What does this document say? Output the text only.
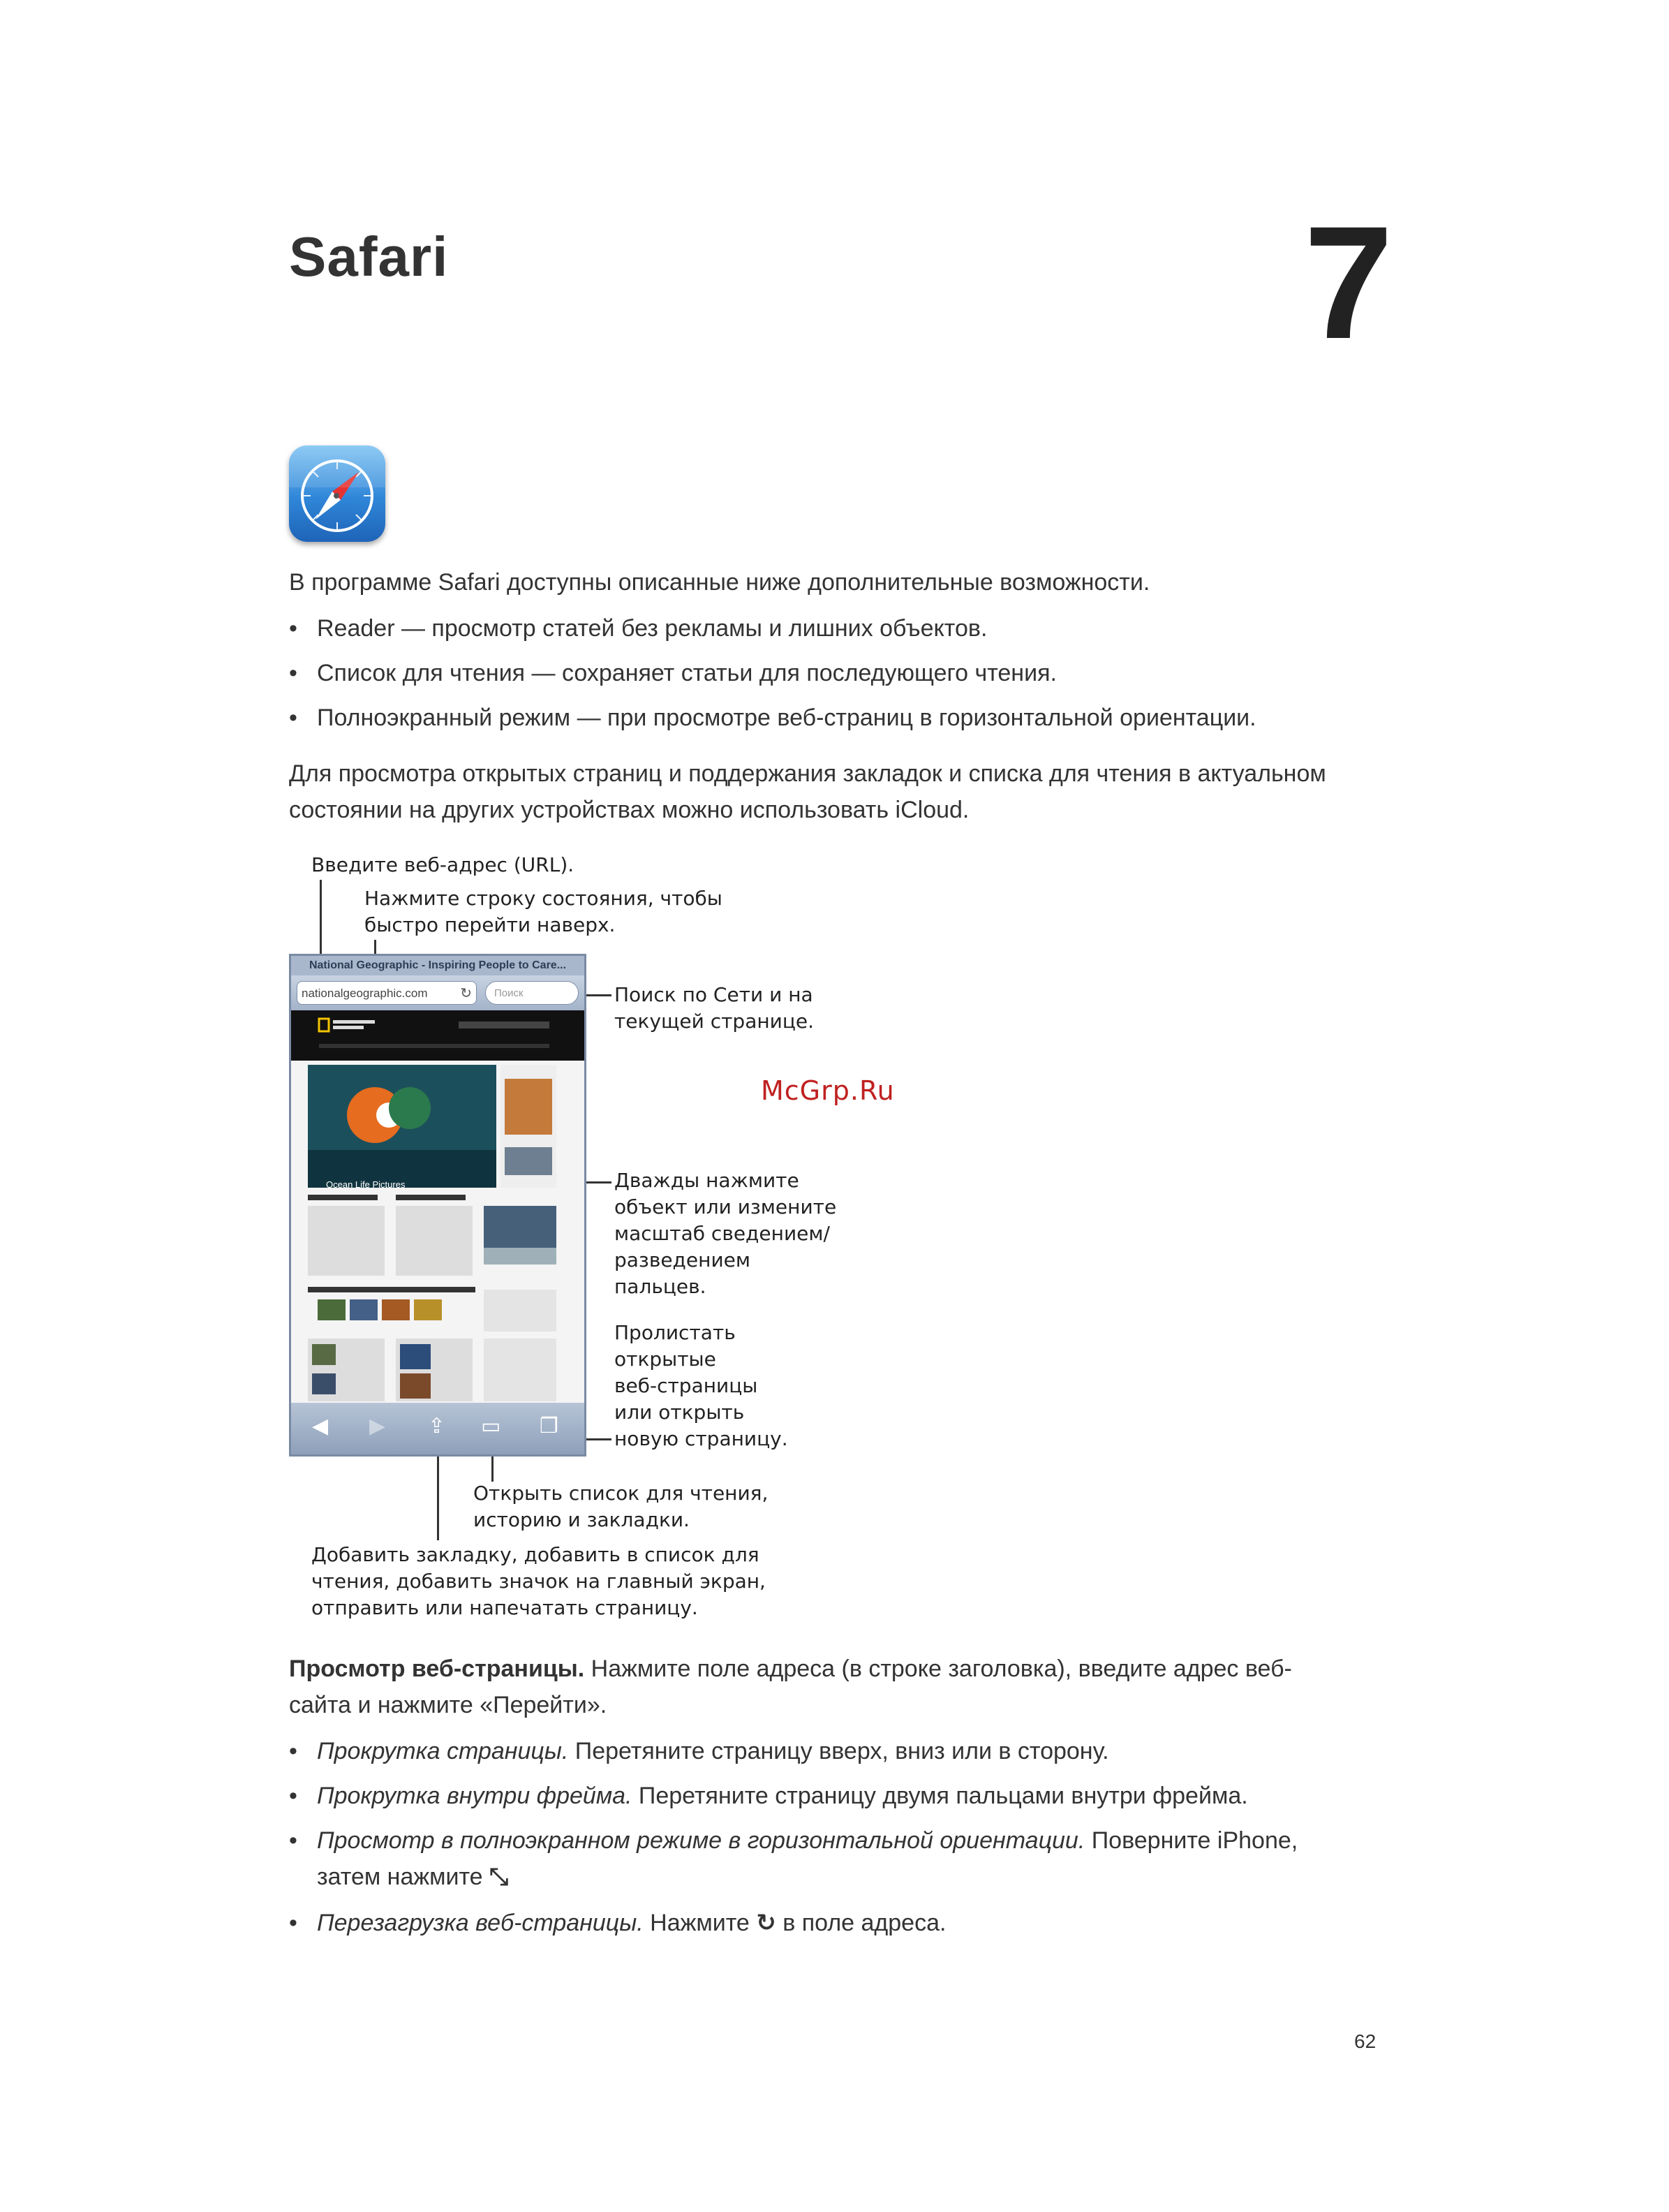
Safari	7
В программе Safari доступны описанные ниже дополнительные возможности.
• Reader — просмотр статей без рекламы и лишних объектов.
• Список для чтения — сохраняет статьи для последующего чтения.
• Полноэкранный режим — при просмотре веб-страниц в горизонтальной ориентации.
Для просмотра открытых страниц и поддержания закладок и списка для чтения в актуальном
состоянии на других устройствах можно использовать iCloud.
Введите веб-адрес (URL).
Нажмите строку состояния, чтобы
быстро перейти наверх.
Поиск по Сети и на
текущей странице.
Дважды нажмите
объект или измените
масштаб сведением/
разведением
пальцев.
Пролистать
открытые
веб-страницы
или открыть
новую страницу.
Открыть список для чтения,
историю и закладки.
Добавить закладку, добавить в список для
чтения, добавить значок на главный экран,
отправить или напечатать страницу.
National Geographic - Inspiring People to Care...
nationalgeographic.com ↻	Поиск
Ocean Life Pictures
◀ ▶ ⇪ ▭ ❐
McGrp.Ru
Просмотр веб-страницы. Нажмите поле адреса (в строке заголовка), введите адрес веб-
сайта и нажмите «Перейти».
• Прокрутка страницы. Перетяните страницу вверх, вниз или в сторону.
• Прокрутка внутри фрейма. Перетяните страницу двумя пальцами внутри фрейма.
• Просмотр в полноэкранном режиме в горизонтальной ориентации. Поверните iPhone,
затем нажмите ⤡
• Перезагрузка веб-страницы. Нажмите ↻ в поле адреса.
62
